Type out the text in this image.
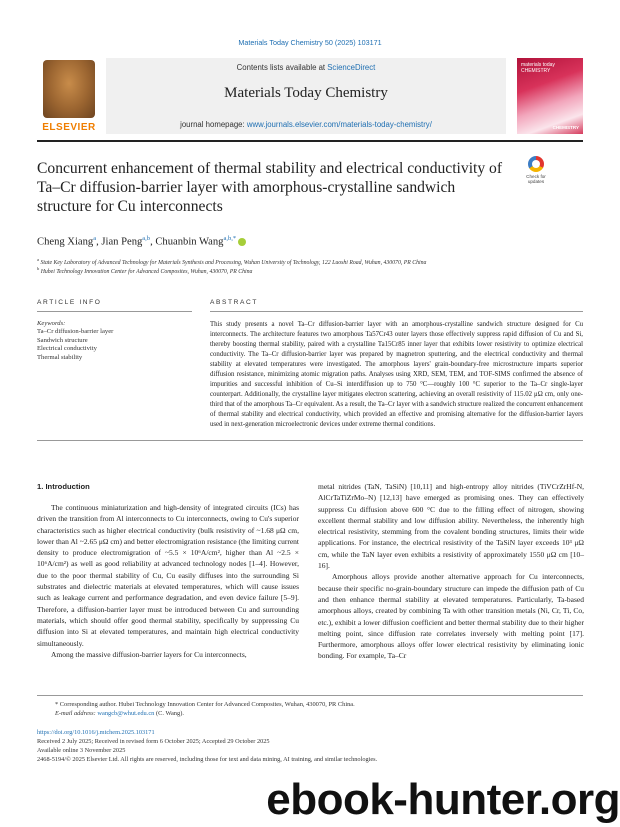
Materials Today Chemistry 50 (2025) 103171
ELSEVIER
Contents lists available at ScienceDirect
Materials Today Chemistry
journal homepage: www.journals.elsevier.com/materials-today-chemistry/
materials today CHEMISTRY
CHEMISTRY
Concurrent enhancement of thermal stability and electrical conductivity of Ta–Cr diffusion-barrier layer with amorphous-crystalline sandwich structure for Cu interconnects
Check for updates
Cheng Xiang$^a$, Jian Peng$^{a,b}$, Chuanbin Wang$^{a,b,*}$
$^a$ State Key Laboratory of Advanced Technology for Materials Synthesis and Processing, Wuhan University of Technology, 122 Luoshi Road, Wuhan, 430070, PR China
$^b$ Hubei Technology Innovation Center for Advanced Composites, Wuhan, 430070, PR China
ARTICLE INFO	ABSTRACT
Keywords:
Ta–Cr diffusion-barrier layer
Sandwich structure
Electrical conductivity
Thermal stability
This study presents a novel Ta–Cr diffusion-barrier layer with an amorphous-crystalline sandwich structure designed for Cu interconnects. The architecture features two amorphous Ta57Cr43 outer layers those effectively suppress rapid diffusion of Cu and Si, thereby boosting thermal stability, paired with a crystalline Ta15Cr85 inner layer that exhibits lower resistivity to optimize electrical conductivity. The Ta–Cr diffusion-barrier layer was prepared by magnetron sputtering, and the electrical conductivity and thermal stability at elevated temperatures were investigated. The amorphous layers' grain-boundary-free microstructure imparts superior diffusion resistance, minimizing atomic migration paths. Analyses using XRD, SEM, TEM, and TOF-SIMS confirmed the absence of impurities and successful inhibition of Cu–Si interdiffusion up to 750 °C—roughly 100 °C superior to the Ta–Cr single-layer counterpart. Additionally, the crystalline layer mitigates electron scattering, achieving an overall resistivity of 115.02 μΩ cm, only one-third that of the amorphous Ta–Cr equivalent. As a result, the Ta–Cr layer with a sandwich structure realized the concurrent enhancement of thermal stability and electrical conductivity, which provided an effective and promising alternative for the diffusion-barrier layers used in next-generation microelectronic devices under extreme thermal conditions.
1. Introduction

The continuous miniaturization and high-density of integrated circuits (ICs) has driven the transition from Al interconnects to Cu interconnects, owing to Cu's superior characteristics such as higher electrical conductivity (bulk resistivity of ~1.68 μΩ cm, lower than Al ~2.65 μΩ cm) and better electromigration resistance (the limiting current density to produce electromigration of ~5.5 × 10⁶A/cm², higher than Al ~2.5 × 10⁶A/cm²) as well as good reliability at advanced technology nodes [1–4]. However, due to the poor thermal stability of Cu, Cu easily diffuses into the surrounding Si substrates and dielectric materials at elevated temperatures, which will cause issues such as leakage current and performance degradation, and even device failure [5–9]. Therefore, a diffusion-barrier layer must be introduced between Cu and surrounding materials, which should offer good thermal stability, specifically by suppressing Cu diffusion into Si at elevated temperatures, and maintain high electrical conductivity simultaneously.

Among the massive diffusion-barrier layers for Cu interconnects,

metal nitrides (TaN, TaSiN) [10,11] and high-entropy alloy nitrides (TiVCrZrHf-N, AlCrTaTiZrMo–N) [12,13] have emerged as promising ones. They can effectively suppress Cu diffusion above 600 °C due to the filling effect of nitrogen, showing excellent thermal stability and low diffusion ability. Nevertheless, the inherently high electrical resistivity, stemming from the covalent bonding structures, limits their wide applications. For instance, the electrical resistivity of the TaSiN layer exceeds 10³ μΩ cm, while the TaN layer even exhibits a resistivity of approximately 1550 μΩ cm [10–16].

Amorphous alloys provide another alternative approach for Cu interconnects, because their specific no-grain-boundary structure can impede the diffusion path of Cu and then enhance thermal stability at elevated temperatures. Particularly, Ta-based amorphous alloys, created by combining Ta with other transition metals (Ni, Cr, Ti, Co, etc.), exhibit a lower diffusion coefficient and better thermal stability due to their higher melting point, since diffusion rate correlates inversely with melting point [17]. Furthermore, amorphous alloys offer lower electrical resistivity by eliminating ionic bonding. For example, Ta–Cr

* Corresponding author. Hubei Technology Innovation Center for Advanced Composites, Wuhan, 430070, PR China.
E-mail address: wangcb@whut.edu.cn (C. Wang).
https://doi.org/10.1016/j.mtchem.2025.103171
Received 2 July 2025; Received in revised form 6 October 2025; Accepted 29 October 2025
Available online 3 November 2025
2468-5194/© 2025 Elsevier Ltd. All rights are reserved, including those for text and data mining, AI training, and similar technologies.
ebook-hunter.org
